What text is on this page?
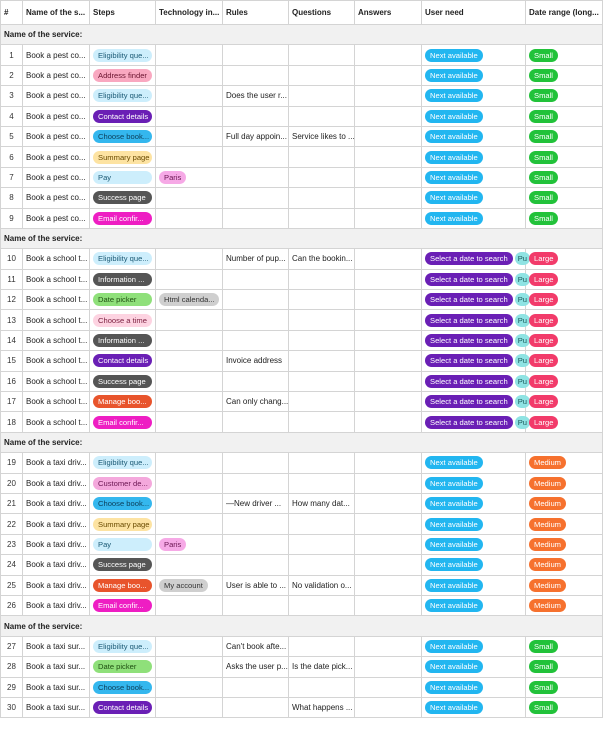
#	Name of the s...	Steps	Technology in...	Rules	Questions	Answers	User need	Date range (long...
Name of the service:								
1	Book a pest co...	Eligibility que...					Next available	Small
2	Book a pest co...	Address finder					Next available	Small
3	Book a pest co...	Eligibility que...		Does the user r...			Next available	Small
4	Book a pest co...	Contact details					Next available	Small
5	Book a pest co...	Choose book...		Full day appoin...	Service likes to ...		Next available	Small
6	Book a pest co...	Summary page					Next available	Small
7	Book a pest co...	Pay	Paris				Next available	Small
8	Book a pest co...	Success page					Next available	Small
9	Book a pest co...	Email confir...					Next available	Small
Name of the service:								
10	Book a school t...	Eligibility que...		Number of pup...	Can the bookin...		Select a date to search Pu	Large
11	Book a school t...	Information ...					Select a date to search Pu	Large
12	Book a school t...	Date picker	Html calenda...				Select a date to search Pu	Large
13	Book a school t...	Choose a time					Select a date to search Pu	Large
14	Book a school t...	Information ...					Select a date to search Pu	Large
15	Book a school t...	Contact details		Invoice address			Select a date to search Pu	Large
16	Book a school t...	Success page					Select a date to search Pu	Large
17	Book a school t...	Manage boo...		Can only chang...			Select a date to search Pu	Large
18	Book a school t...	Email confir...					Select a date to search Pu	Large
Name of the service:								
19	Book a taxi driv...	Eligibility que...					Next available	Medium
20	Book a taxi driv...	Customer de...					Next available	Medium
21	Book a taxi driv...	Choose book...		—New driver ...	How many dat...		Next available	Medium
22	Book a taxi driv...	Summary page					Next available	Medium
23	Book a taxi driv...	Pay	Paris				Next available	Medium
24	Book a taxi driv...	Success page					Next available	Medium
25	Book a taxi driv...	Manage boo...	My account	User is able to ...	No validation o...		Next available	Medium
26	Book a taxi driv...	Email confir...					Next available	Medium
Name of the service:								
27	Book a taxi sur...	Eligibility que...		Can't book afte...			Next available	Small
28	Book a taxi sur...	Date picker		Asks the user p...	Is the date pick...		Next available	Small
29	Book a taxi sur...	Choose book...					Next available	Small
30	Book a taxi sur...	Contact details			What happens ...		Next available	Small
